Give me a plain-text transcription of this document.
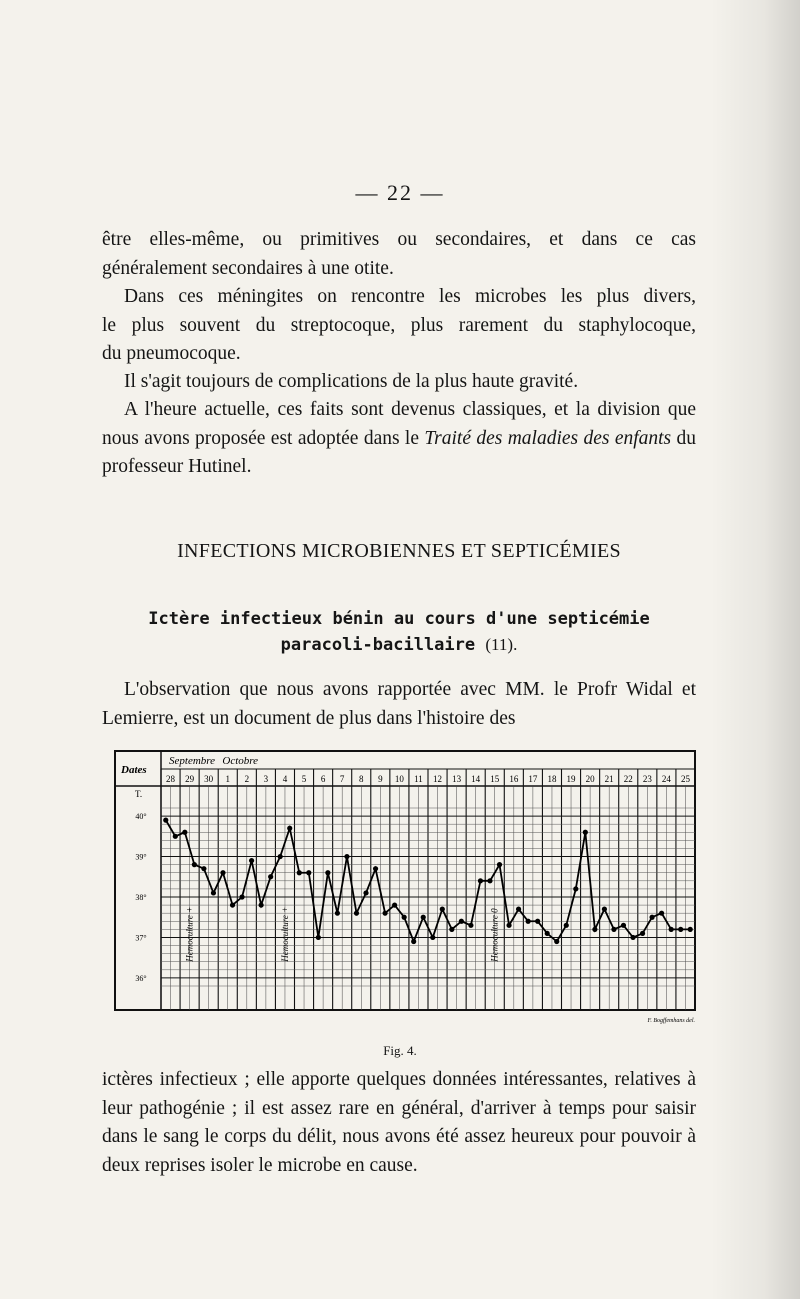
— 22 —
être elles-même, ou primitives ou secondaires, et dans ce cas
généralement secondaires à une otite.
Dans ces méningites on rencontre les microbes les plus divers,
le plus souvent du streptocoque, plus rarement du staphylocoque,
du pneumocoque.

Il s'agit toujours de complications de la plus haute gravité.

A l'heure actuelle, ces faits sont devenus classiques, et la division que nous avons proposée est adoptée dans le Traité des maladies des enfants du professeur Hutinel.

INFECTIONS MICROBIENNES ET SEPTICÉMIES
Ictère infectieux bénin au cours d'une septicémie
paracoli-bacillaire (11).

L'observation que nous avons rapportée avec MM. le Profr Widal et Lemierre, est un document de plus dans l'histoire des

Dates
T.
Septembre Octobre
28 29 30 1 2 3 4 5 6 7 8 9 10 11 12 13 14 15 16 17 18 19 20 21 22 23 24 25
40°
39°
38°
37°
36°
Hemoculture +	Hemoculture +	Hemoculture 0
F. Bogffemhans del.
Fig. 4.

ictères infectieux ; elle apporte quelques données intéressantes, relatives à leur pathogénie ; il est assez rare en général, d'arriver à temps pour saisir dans le sang le corps du délit, nous avons été assez heureux pour pouvoir à deux reprises isoler le microbe en cause.
